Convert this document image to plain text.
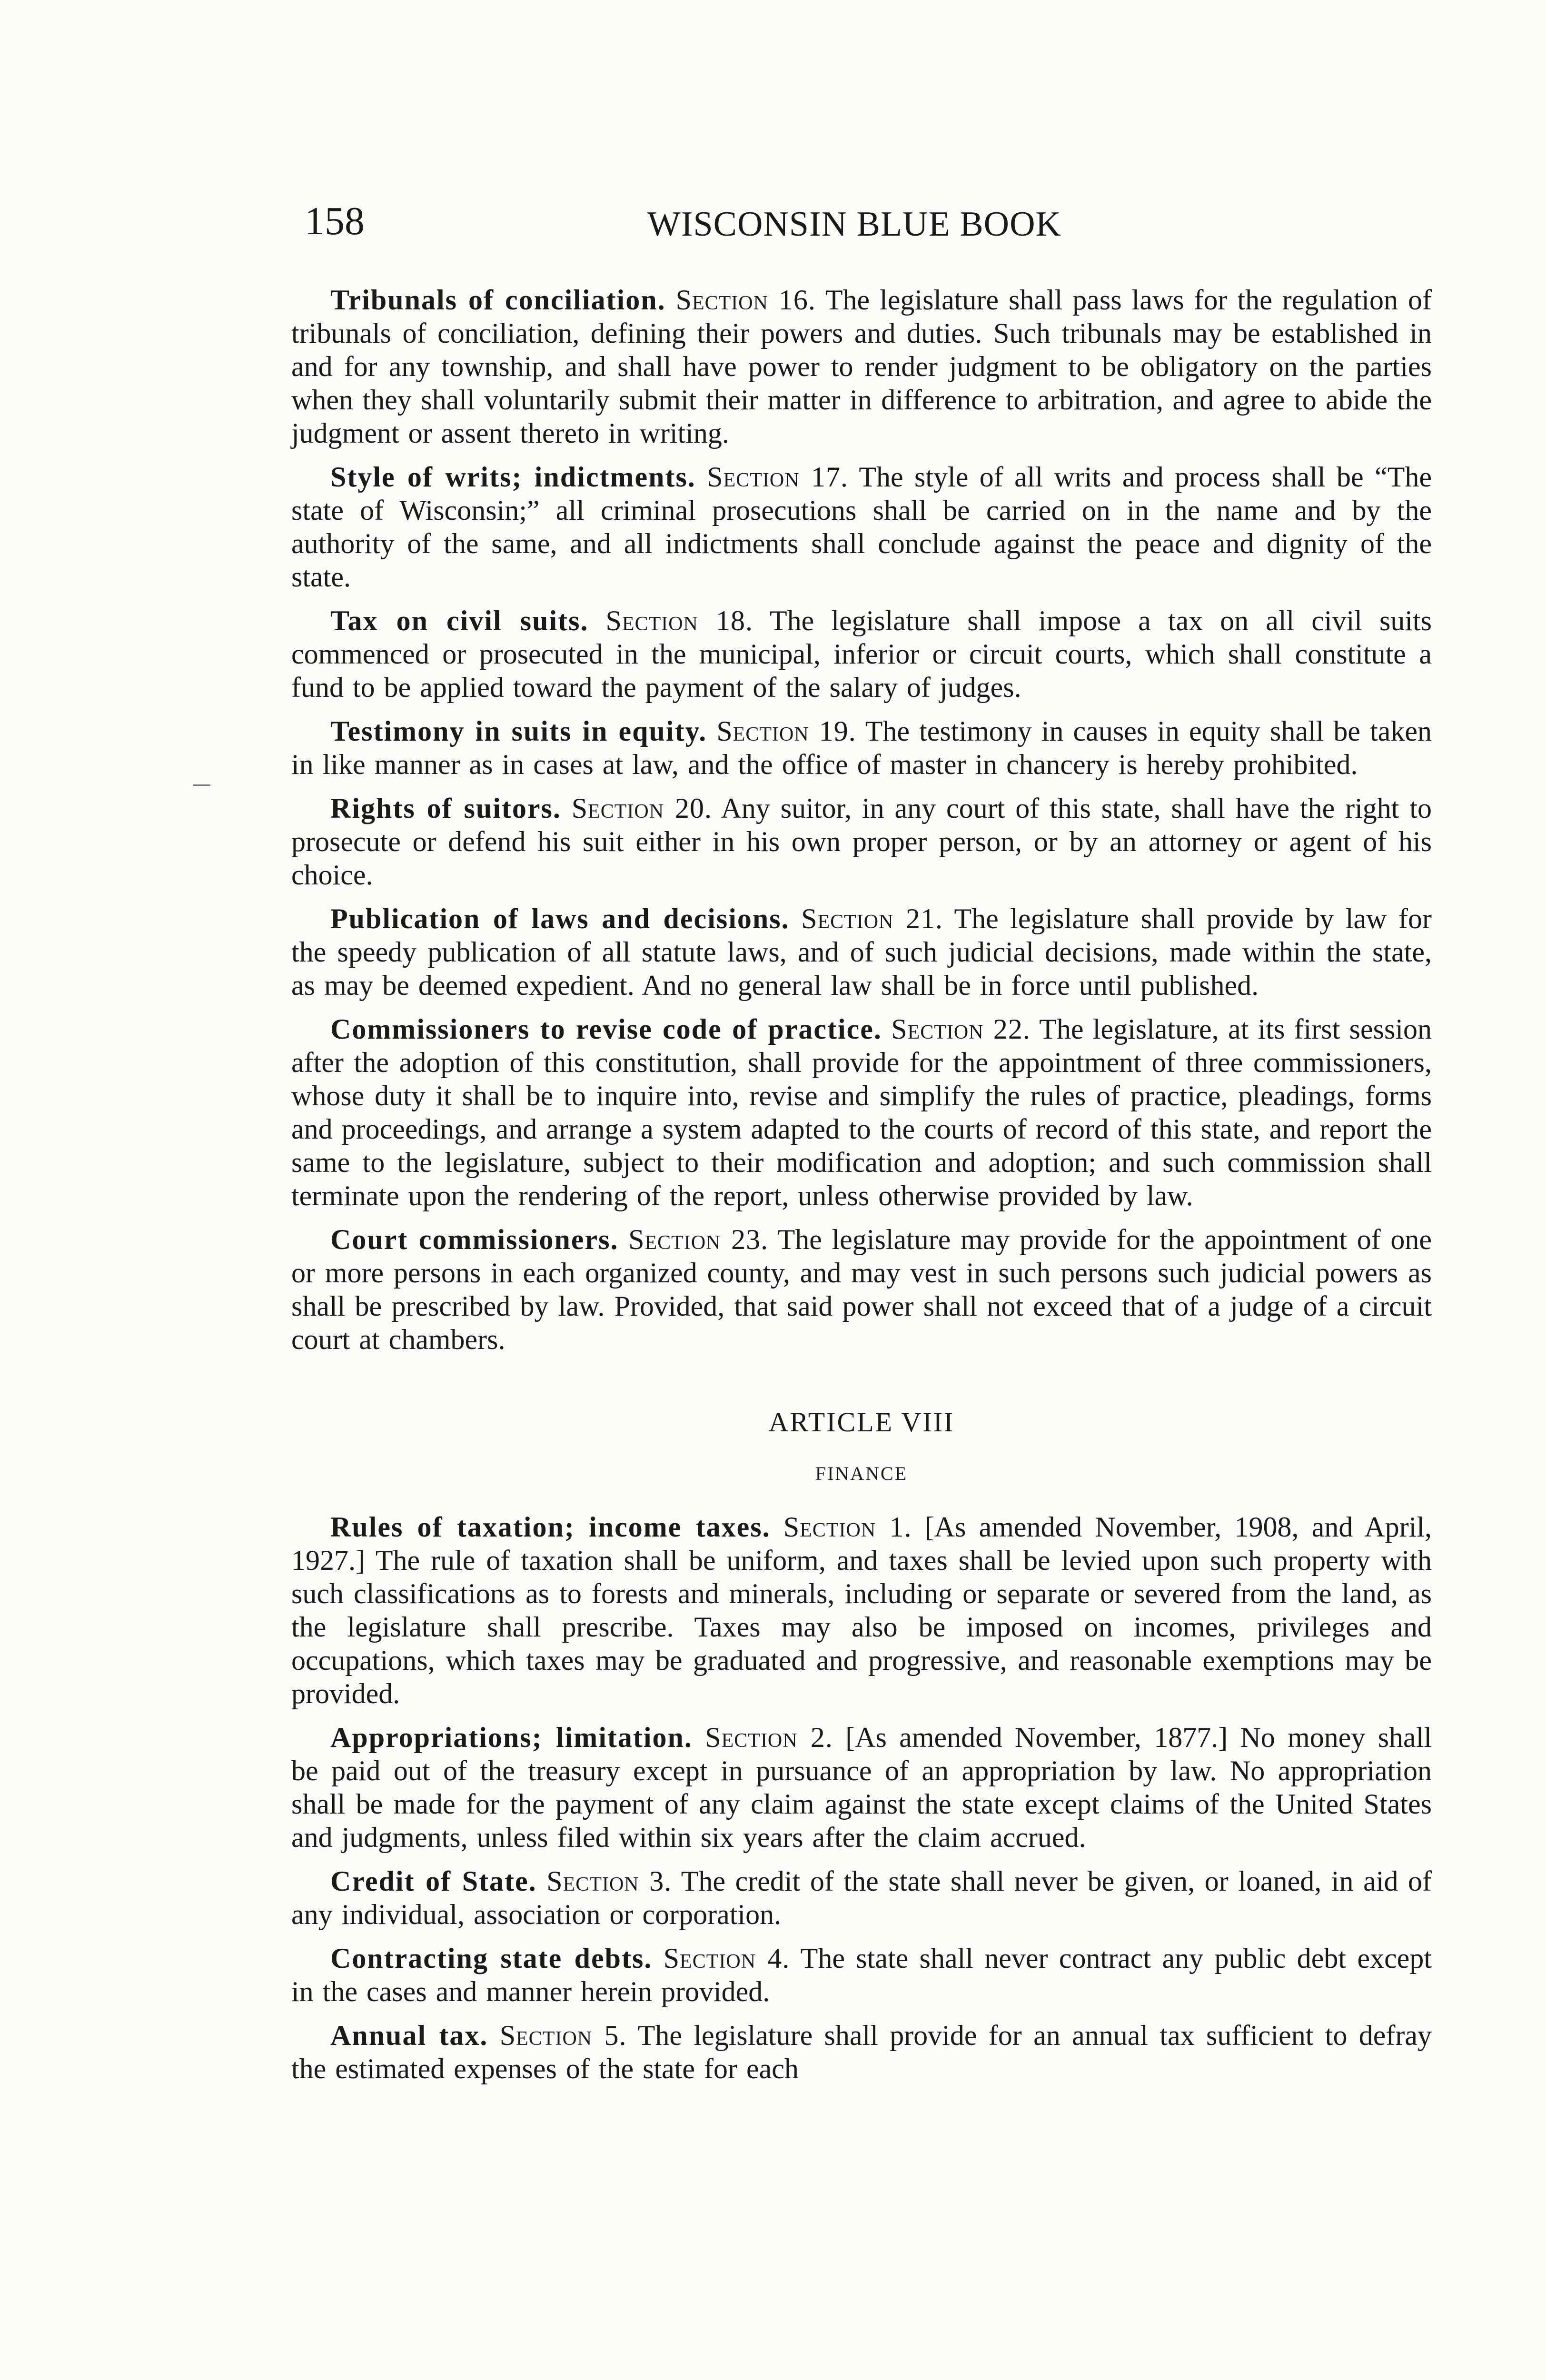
158	WISCONSIN BLUE BOOK

Tribunals of conciliation. Section 16. The legislature shall pass laws for the regulation of tribunals of conciliation, defining their powers and duties. Such tribunals may be established in and for any township, and shall have power to render judgment to be obligatory on the parties when they shall voluntarily submit their matter in difference to arbitration, and agree to abide the judgment or assent thereto in writing.

Style of writs; indictments. Section 17. The style of all writs and process shall be “The state of Wisconsin;” all criminal prosecutions shall be carried on in the name and by the authority of the same, and all indictments shall conclude against the peace and dignity of the state.

Tax on civil suits. Section 18. The legislature shall impose a tax on all civil suits commenced or prosecuted in the municipal, inferior or circuit courts, which shall constitute a fund to be applied toward the payment of the salary of judges.

Testimony in suits in equity. Section 19. The testimony in causes in equity shall be taken in like manner as in cases at law, and the office of master in chancery is hereby prohibited.

Rights of suitors. Section 20. Any suitor, in any court of this state, shall have the right to prosecute or defend his suit either in his own proper person, or by an attorney or agent of his choice.

Publication of laws and decisions. Section 21. The legislature shall provide by law for the speedy publication of all statute laws, and of such judicial decisions, made within the state, as may be deemed expedient. And no general law shall be in force until published.

Commissioners to revise code of practice. Section 22. The legislature, at its first session after the adoption of this constitution, shall provide for the appointment of three commissioners, whose duty it shall be to inquire into, revise and simplify the rules of practice, pleadings, forms and proceedings, and arrange a system adapted to the courts of record of this state, and report the same to the legislature, subject to their modification and adoption; and such commission shall terminate upon the rendering of the report, unless otherwise provided by law.

Court commissioners. Section 23. The legislature may provide for the appointment of one or more persons in each organized county, and may vest in such persons such judicial powers as shall be prescribed by law. Provided, that said power shall not exceed that of a judge of a circuit court at chambers.

ARTICLE VIII
FINANCE

Rules of taxation; income taxes. Section 1. [As amended November, 1908, and April, 1927.] The rule of taxation shall be uniform, and taxes shall be levied upon such property with such classifications as to forests and minerals, including or separate or severed from the land, as the legislature shall prescribe. Taxes may also be imposed on incomes, privileges and occupations, which taxes may be graduated and progressive, and reasonable exemptions may be provided.

Appropriations; limitation. Section 2. [As amended November, 1877.] No money shall be paid out of the treasury except in pursuance of an appropriation by law. No appropriation shall be made for the payment of any claim against the state except claims of the United States and judgments, unless filed within six years after the claim accrued.

Credit of State. Section 3. The credit of the state shall never be given, or loaned, in aid of any individual, association or corporation.

Contracting state debts. Section 4. The state shall never contract any public debt except in the cases and manner herein provided.

Annual tax. Section 5. The legislature shall provide for an annual tax sufficient to defray the estimated expenses of the state for each
